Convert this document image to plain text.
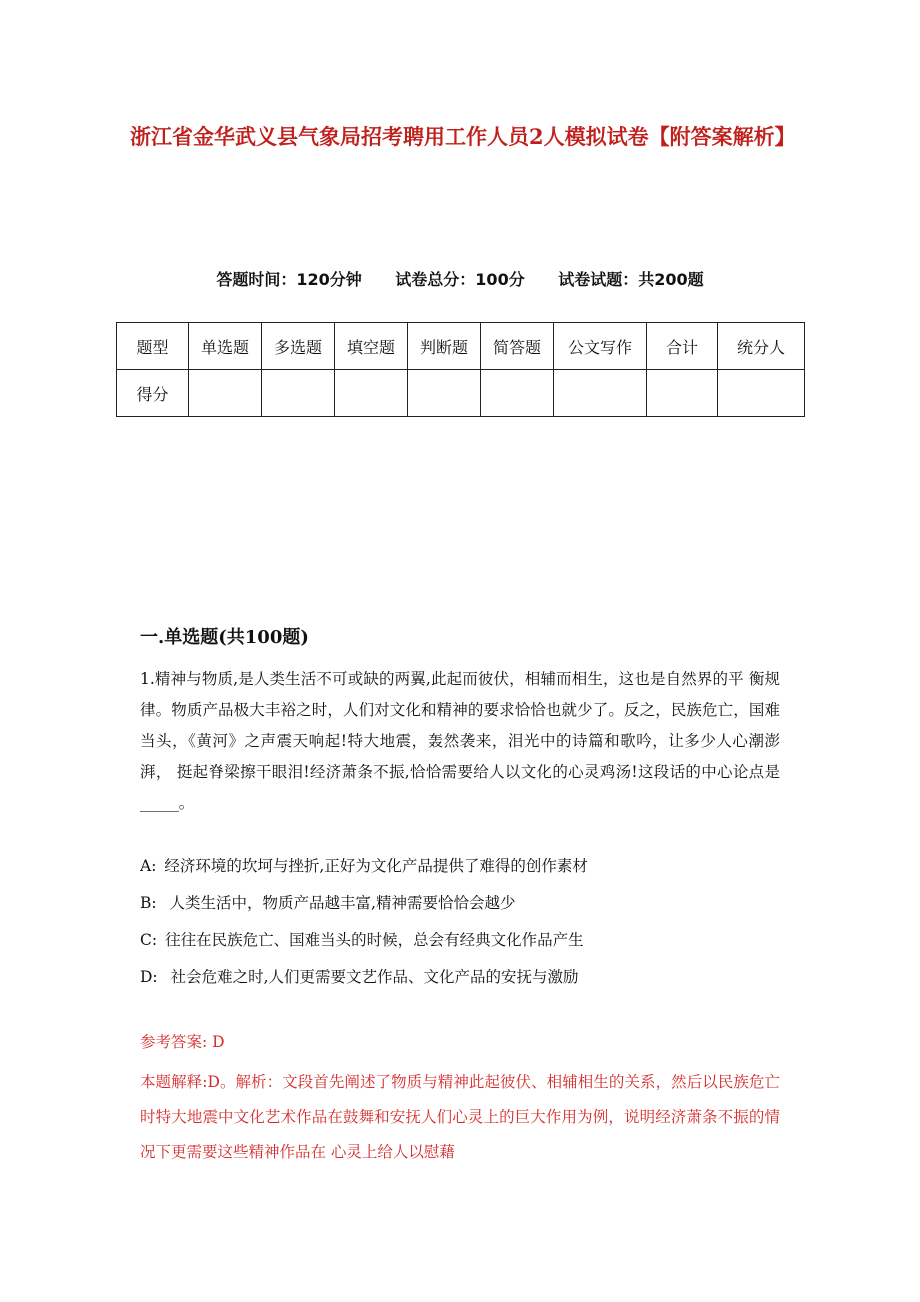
浙江省金华武义县气象局招考聘用工作人员2人模拟试卷【附答案解析】
答题时间：120分钟 试卷总分：100分 试卷试题：共200题
题型	单选题	多选题	填空题	判断题	简答题	公文写作	合计	统分人
得分								
一.单选题(共100题)
1.精神与物质,是人类生活不可或缺的两翼,此起而彼伏，相辅而相生，这也是自然界的平 衡规律。物质产品极大丰裕之时，人们对文化和精神的要求恰恰也就少了。反之，民族危亡，国难当头，《黄河》之声震天响起!特大地震，轰然袭来，泪光中的诗篇和歌吟，让多少人心潮澎湃， 挺起脊梁擦干眼泪!经济萧条不振,恰恰需要给人以文化的心灵鸡汤!这段话的中心论点是_____。
A: 经济环境的坎坷与挫折,正好为文化产品提供了难得的创作素材
B: 人类生活中，物质产品越丰富,精神需要恰恰会越少
C: 往往在民族危亡、国难当头的时候，总会有经典文化作品产生
D: 社会危难之时,人们更需要文艺作品、文化产品的安抚与激励
参考答案: D
本题解释:D。解析：文段首先阐述了物质与精神此起彼伏、相辅相生的关系，然后以民族危亡时特大地震中文化艺术作品在鼓舞和安抚人们心灵上的巨大作用为例，说明经济萧条不振的情况下更需要这些精神作品在 心灵上给人以慰藉
